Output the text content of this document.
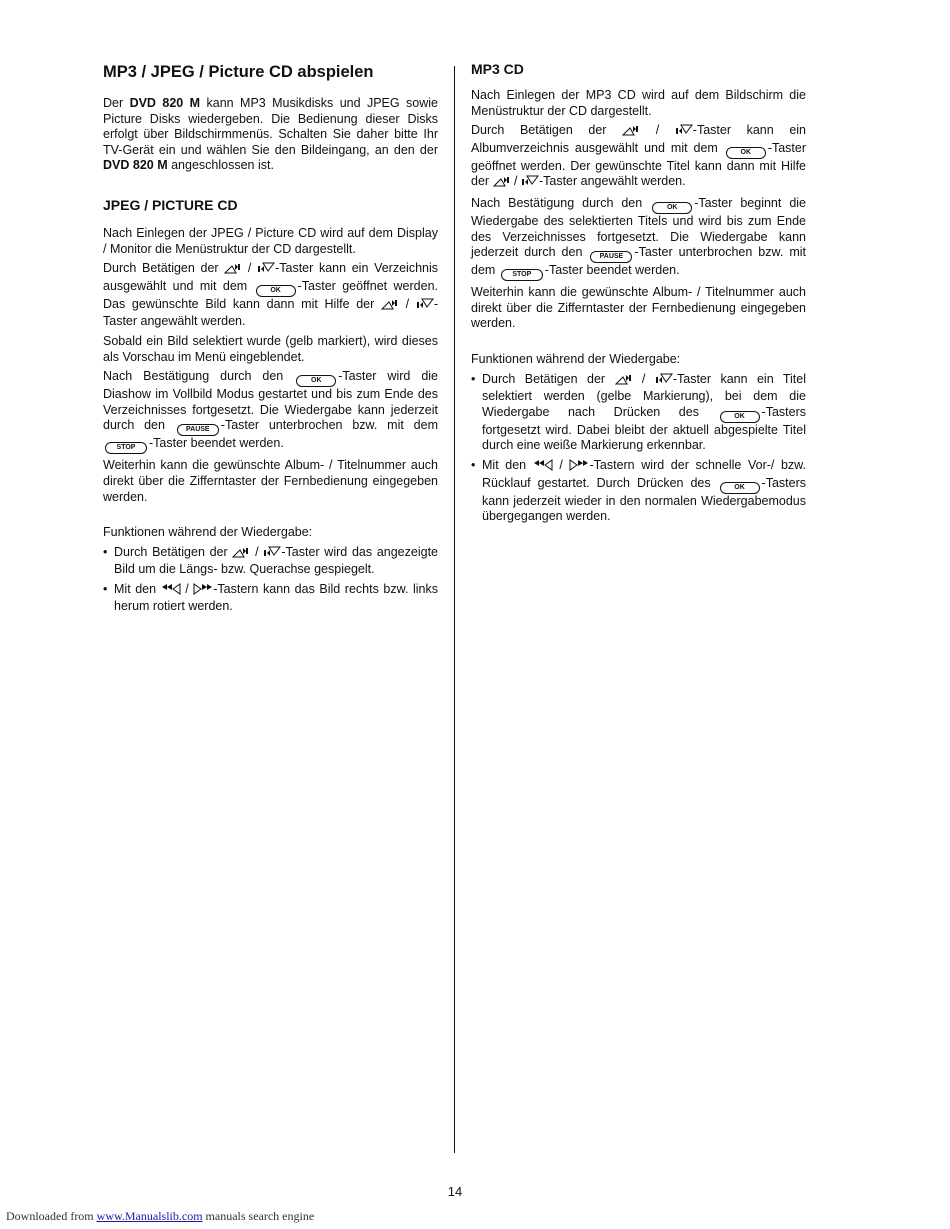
MP3 / JPEG / Picture CD abspielen

Der DVD 820 M kann MP3 Musikdisks und JPEG sowie Picture Disks wiedergeben. Die Bedienung dieser Disks erfolgt über Bildschirmmenüs. Schalten Sie daher bitte Ihr TV-Gerät ein und wählen Sie den Bildeingang, an den der DVD 820 M angeschlossen ist.

JPEG / PICTURE CD

Nach Einlegen der JPEG / Picture CD wird auf dem Display / Monitor die Menüstruktur der CD dargestellt.

Durch Betätigen der  / -Taster kann ein Verzeichnis ausgewählt und mit dem OK -Taster geöffnet werden. Das gewünschte Bild kann dann mit Hilfe der  / -Taster angewählt werden.

Sobald ein Bild selektiert wurde (gelb markiert), wird dieses als Vorschau im Menü eingeblendet.

Nach Bestätigung durch den OK -Taster wird die Diashow im Vollbild Modus gestartet und bis zum Ende des Verzeichnisses fortgesetzt. Die Wiedergabe kann jederzeit durch den PAUSE -Taster unterbrochen bzw. mit dem STOP -Taster beendet werden.

Weiterhin kann die gewünschte Album- / Titelnummer auch direkt über die Zifferntaster der Fernbedienung eingegeben werden.

Funktionen während der Wiedergabe:

• Durch Betätigen der  / -Taster wird das angezeigte Bild um die Längs- bzw. Querachse gespiegelt.
• Mit den  / -Tastern kann das Bild rechts bzw. links herum rotiert werden.
MP3 CD

Nach Einlegen der MP3 CD wird auf dem Bildschirm die Menüstruktur der CD dargestellt.

Durch Betätigen der  / -Taster kann ein Albumverzeichnis ausgewählt und mit dem OK -Taster geöffnet werden. Der gewünschte Titel kann dann mit Hilfe der  / -Taster angewählt werden.

Nach Bestätigung durch den OK -Taster beginnt die Wiedergabe des selektierten Titels und wird bis zum Ende des Verzeichnisses fortgesetzt. Die Wiedergabe kann jederzeit durch den PAUSE -Taster unterbrochen bzw. mit dem STOP -Taster beendet werden.

Weiterhin kann die gewünschte Album- / Titelnummer auch direkt über die Zifferntaster der Fernbedienung eingegeben werden.

Funktionen während der Wiedergabe:

• Durch Betätigen der  / -Taster kann ein Titel selektiert werden (gelbe Markierung), bei dem die Wiedergabe nach Drücken des OK -Tasters fortgesetzt wird. Dabei bleibt der aktuell abgespielte Titel durch eine weiße Markierung erkennbar.
• Mit den  / -Tastern wird der schnelle Vor-/ bzw. Rücklauf gestartet. Durch Drücken des OK -Tasters kann jederzeit wieder in den normalen Wiedergabemodus übergegangen werden.
14
Downloaded from www.Manualslib.com manuals search engine
